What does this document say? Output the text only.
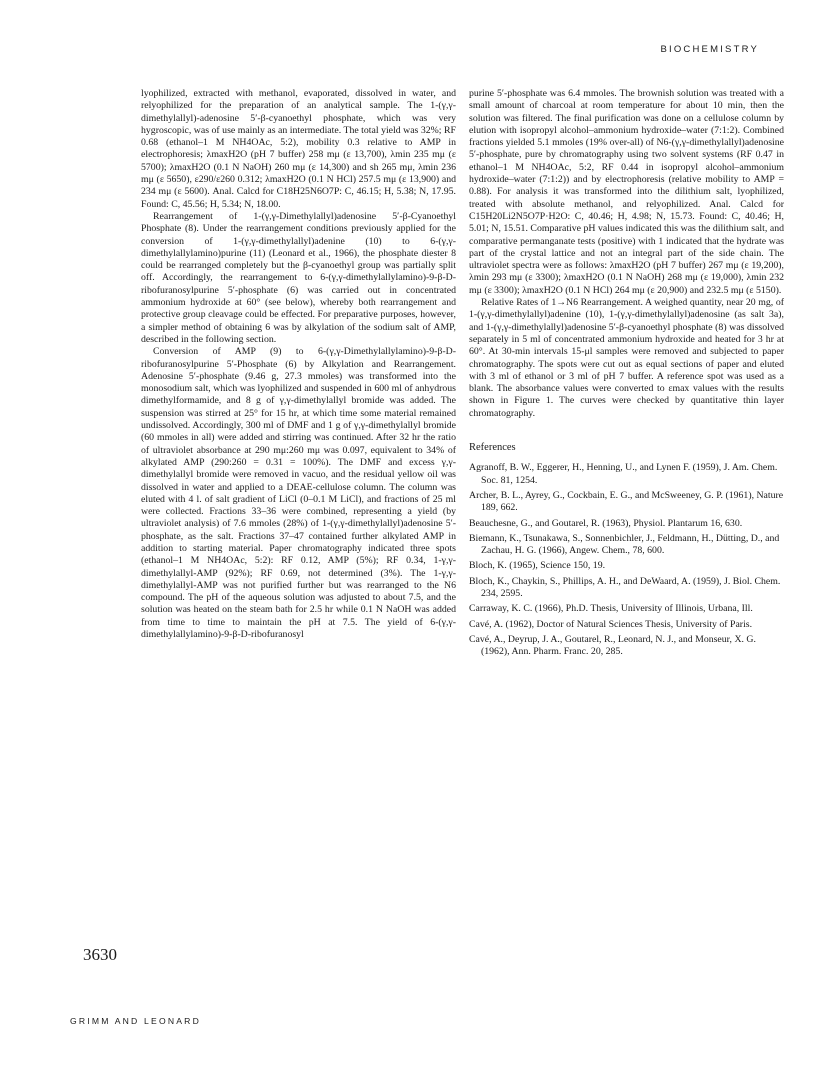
BIOCHEMISTRY

lyophilized, extracted with methanol, evaporated, dissolved in water, and relyophilized for the preparation of an analytical sample. The 1-(γ,γ-dimethylallyl)-adenosine 5′-β-cyanoethyl phosphate, which was very hygroscopic, was of use mainly as an intermediate. The total yield was 32%; RF 0.68 (ethanol–1 M NH4OAc, 5:2), mobility 0.3 relative to AMP in electrophoresis; λmaxH2O (pH 7 buffer) 258 mμ (ε 13,700), λmin 235 mμ (ε 5700); λmaxH2O (0.1 N NaOH) 260 mμ (ε 14,300) and sh 265 mμ, λmin 236 mμ (ε 5650), ε290/ε260 0.312; λmaxH2O (0.1 N HCl) 257.5 mμ (ε 13,900) and 234 mμ (ε 5600). Anal. Calcd for C18H25N6O7P: C, 46.15; H, 5.38; N, 17.95. Found: C, 45.56; H, 5.34; N, 18.00.

Rearrangement of 1-(γ,γ-Dimethylallyl)adenosine 5′-β-Cyanoethyl Phosphate (8). Under the rearrangement conditions previously applied for the conversion of 1-(γ,γ-dimethylallyl)adenine (10) to 6-(γ,γ-dimethylallylamino)purine (11) (Leonard et al., 1966), the phosphate diester 8 could be rearranged completely but the β-cyanoethyl group was partially split off. Accordingly, the rearrangement to 6-(γ,γ-dimethylallylamino)-9-β-D-ribofuranosylpurine 5′-phosphate (6) was carried out in concentrated ammonium hydroxide at 60° (see below), whereby both rearrangement and protective group cleavage could be effected. For preparative purposes, however, a simpler method of obtaining 6 was by alkylation of the sodium salt of AMP, described in the following section.

Conversion of AMP (9) to 6-(γ,γ-Dimethylallylamino)-9-β-D-ribofuranosylpurine 5′-Phosphate (6) by Alkylation and Rearrangement. Adenosine 5′-phosphate (9.46 g, 27.3 mmoles) was transformed into the monosodium salt, which was lyophilized and suspended in 600 ml of anhydrous dimethylformamide, and 8 g of γ,γ-dimethylallyl bromide was added. The suspension was stirred at 25° for 15 hr, at which time some material remained undissolved. Accordingly, 300 ml of DMF and 1 g of γ,γ-dimethylallyl bromide (60 mmoles in all) were added and stirring was continued. After 32 hr the ratio of ultraviolet absorbance at 290 mμ:260 mμ was 0.097, equivalent to 34% of alkylated AMP (290:260 = 0.31 = 100%). The DMF and excess γ,γ-dimethylallyl bromide were removed in vacuo, and the residual yellow oil was dissolved in water and applied to a DEAE-cellulose column. The column was eluted with 4 l. of salt gradient of LiCl (0–0.1 M LiCl), and fractions of 25 ml were collected. Fractions 33–36 were combined, representing a yield (by ultraviolet analysis) of 7.6 mmoles (28%) of 1-(γ,γ-dimethylallyl)adenosine 5′-phosphate, as the salt. Fractions 37–47 contained further alkylated AMP in addition to starting material. Paper chromatography indicated three spots (ethanol–1 M NH4OAc, 5:2): RF 0.12, AMP (5%); RF 0.34, 1-γ,γ-dimethylallyl-AMP (92%); RF 0.69, not determined (3%). The 1-γ,γ-dimethylallyl-AMP was not purified further but was rearranged to the N6 compound. The pH of the aqueous solution was adjusted to about 7.5, and the solution was heated on the steam bath for 2.5 hr while 0.1 N NaOH was added from time to time to maintain the pH at 7.5. The yield of 6-(γ,γ-dimethylallylamino)-9-β-D-ribofuranosyl

purine 5′-phosphate was 6.4 mmoles. The brownish solution was treated with a small amount of charcoal at room temperature for about 10 min, then the solution was filtered. The final purification was done on a cellulose column by elution with isopropyl alcohol–ammonium hydroxide–water (7:1:2). Combined fractions yielded 5.1 mmoles (19% over-all) of N6-(γ,γ-dimethylallyl)adenosine 5′-phosphate, pure by chromatography using two solvent systems (RF 0.47 in ethanol–1 M NH4OAc, 5:2, RF 0.44 in isopropyl alcohol–ammonium hydroxide–water (7:1:2)) and by electrophoresis (relative mobility to AMP = 0.88). For analysis it was transformed into the dilithium salt, lyophilized, treated with absolute methanol, and relyophilized. Anal. Calcd for C15H20Li2N5O7P·H2O: C, 40.46; H, 4.98; N, 15.73. Found: C, 40.46; H, 5.01; N, 15.51. Comparative pH values indicated this was the dilithium salt, and comparative permanganate tests (positive) with 1 indicated that the hydrate was part of the crystal lattice and not an integral part of the side chain. The ultraviolet spectra were as follows: λmaxH2O (pH 7 buffer) 267 mμ (ε 19,200), λmin 293 mμ (ε 3300); λmaxH2O (0.1 N NaOH) 268 mμ (ε 19,000), λmin 232 mμ (ε 3300); λmaxH2O (0.1 N HCl) 264 mμ (ε 20,900) and 232.5 mμ (ε 5150).

Relative Rates of 1→N6 Rearrangement. A weighed quantity, near 20 mg, of 1-(γ,γ-dimethylallyl)adenine (10), 1-(γ,γ-dimethylallyl)adenosine (as salt 3a), and 1-(γ,γ-dimethylallyl)adenosine 5′-β-cyanoethyl phosphate (8) was dissolved separately in 5 ml of concentrated ammonium hydroxide and heated for 3 hr at 60°. At 30-min intervals 15-μl samples were removed and subjected to paper chromatography. The spots were cut out as equal sections of paper and eluted with 3 ml of ethanol or 3 ml of pH 7 buffer. A reference spot was used as a blank. The absorbance values were converted to εmax values with the results shown in Figure 1. The curves were checked by quantitative thin layer chromatography.

References
Agranoff, B. W., Eggerer, H., Henning, U., and Lynen F. (1959), J. Am. Chem. Soc. 81, 1254.
Archer, B. L., Ayrey, G., Cockbain, E. G., and McSweeney, G. P. (1961), Nature 189, 662.
Beauchesne, G., and Goutarel, R. (1963), Physiol. Plantarum 16, 630.
Biemann, K., Tsunakawa, S., Sonnenbichler, J., Feldmann, H., Dütting, D., and Zachau, H. G. (1966), Angew. Chem., 78, 600.
Bloch, K. (1965), Science 150, 19.
Bloch, K., Chaykin, S., Phillips, A. H., and DeWaard, A. (1959), J. Biol. Chem. 234, 2595.
Carraway, K. C. (1966), Ph.D. Thesis, University of Illinois, Urbana, Ill.
Cavé, A. (1962), Doctor of Natural Sciences Thesis, University of Paris.
Cavé, A., Deyrup, J. A., Goutarel, R., Leonard, N. J., and Monseur, X. G. (1962), Ann. Pharm. Franc. 20, 285.
3630
GRIMM AND LEONARD
